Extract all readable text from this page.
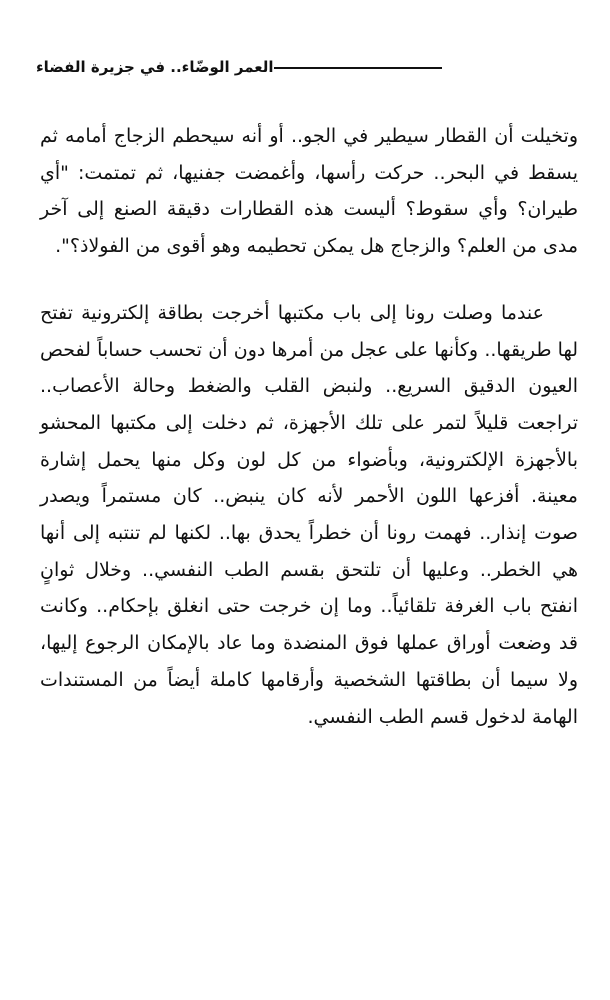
العمر الوضّاء.. في جزيرة الفضاء

وتخيلت أن القطار سيطير في الجو.. أو أنه سيحطم الزجاج أمامه ثم يسقط في البحر.. حركت رأسها، وأغمضت جفنيها، ثم تمتمت: "أي طيران؟ وأي سقوط؟ أليست هذه القطارات دقيقة الصنع إلى آخر مدى من العلم؟ والزجاج هل يمكن تحطيمه وهو أقوى من الفولاذ؟".

عندما وصلت رونا إلى باب مكتبها أخرجت بطاقة إلكترونية تفتح لها طريقها.. وكأنها على عجل من أمرها دون أن تحسب حساباً لفحص العيون الدقيق السريع.. ولنبض القلب والضغط وحالة الأعصاب.. تراجعت قليلاً لتمر على تلك الأجهزة، ثم دخلت إلى مكتبها المحشو بالأجهزة الإلكترونية، وبأضواء من كل لون وكل منها يحمل إشارة معينة. أفزعها اللون الأحمر لأنه كان ينبض.. كان مستمراً ويصدر صوت إنذار.. فهمت رونا أن خطراً يحدق بها.. لكنها لم تنتبه إلى أنها هي الخطر.. وعليها أن تلتحق بقسم الطب النفسي.. وخلال ثوانٍ انفتح باب الغرفة تلقائياً.. وما إن خرجت حتى انغلق بإحكام.. وكانت قد وضعت أوراق عملها فوق المنضدة وما عاد بالإمكان الرجوع إليها، ولا سيما أن بطاقتها الشخصية وأرقامها كاملة أيضاً من المستندات الهامة لدخول قسم الطب النفسي.
